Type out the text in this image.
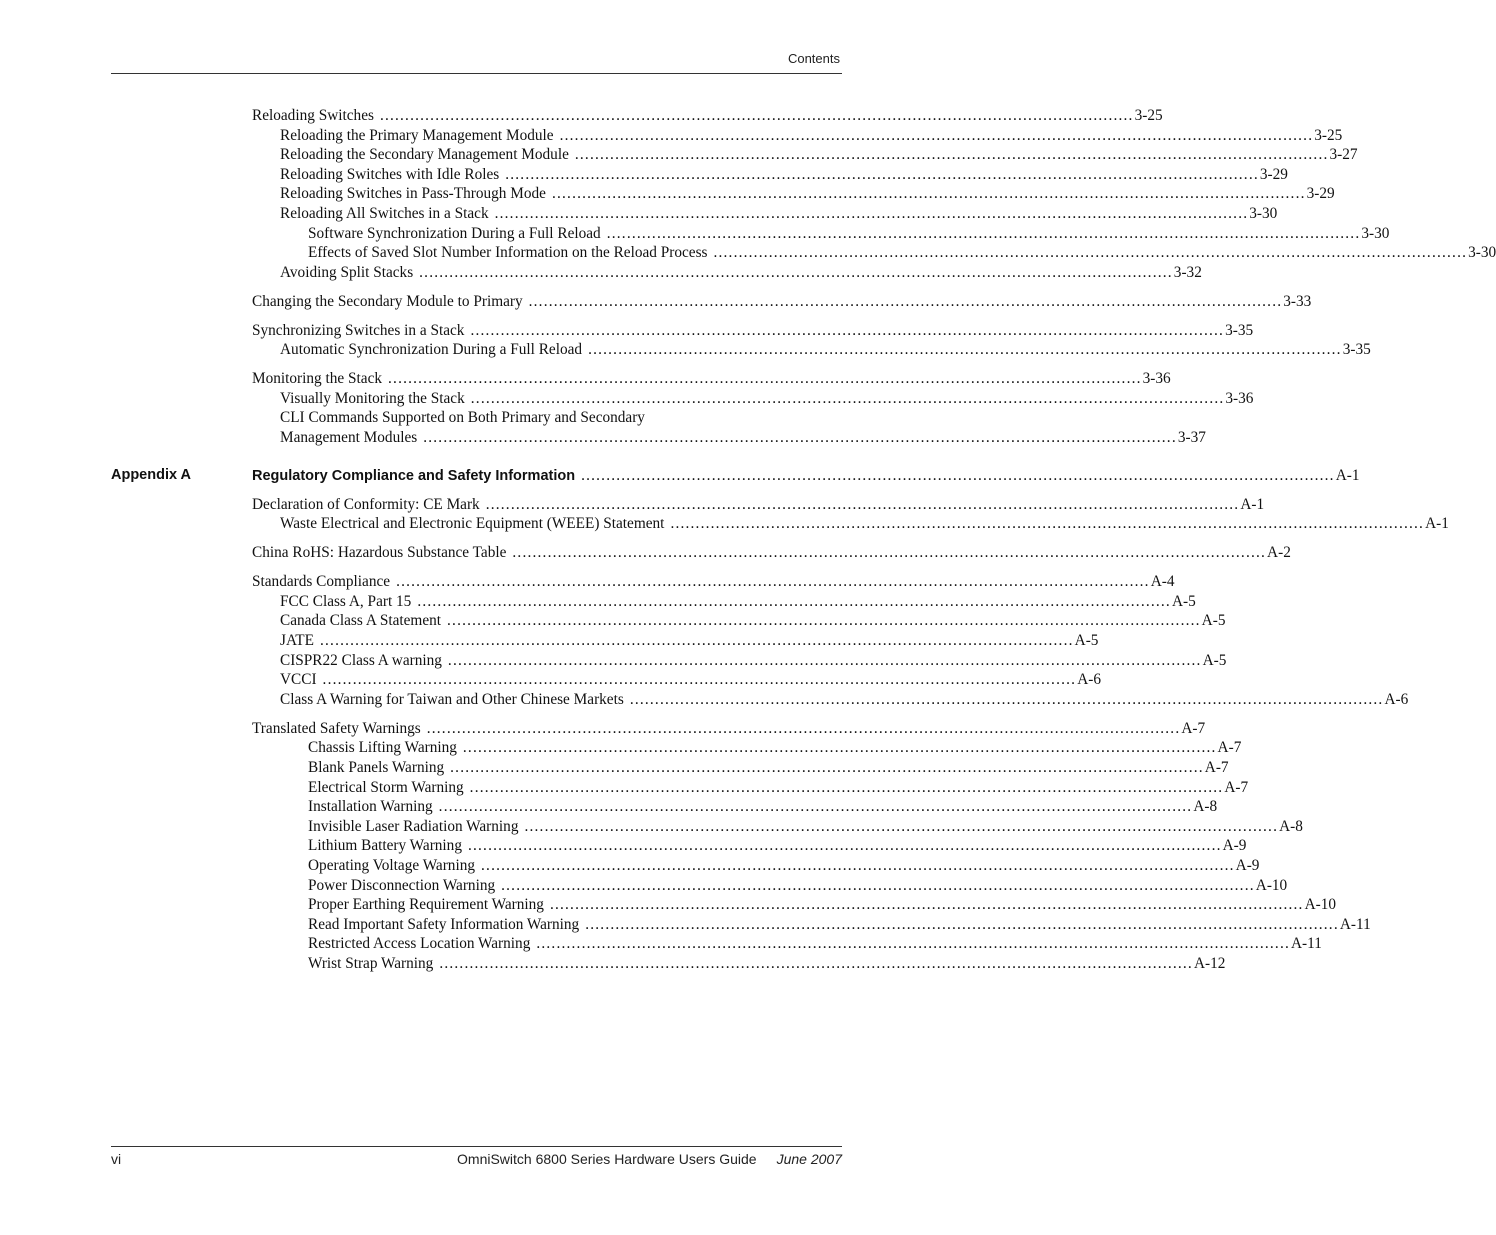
Contents
Reloading Switches ...................................................................................................................................................... 3-25
Reloading the Primary Management Module ...................................................................................................................................................... 3-25
Reloading the Secondary Management Module ...................................................................................................................................................... 3-27
Reloading Switches with Idle Roles ...................................................................................................................................................... 3-29
Reloading Switches in Pass-Through Mode ...................................................................................................................................................... 3-29
Reloading All Switches in a Stack ...................................................................................................................................................... 3-30
Software Synchronization During a Full Reload ...................................................................................................................................................... 3-30
Effects of Saved Slot Number Information on the Reload Process ...................................................................................................................................................... 3-30
Avoiding Split Stacks ...................................................................................................................................................... 3-32
Changing the Secondary Module to Primary ...................................................................................................................................................... 3-33
Synchronizing Switches in a Stack ...................................................................................................................................................... 3-35
Automatic Synchronization During a Full Reload ...................................................................................................................................................... 3-35
Monitoring the Stack ...................................................................................................................................................... 3-36
Visually Monitoring the Stack ...................................................................................................................................................... 3-36
CLI Commands Supported on Both Primary and Secondary
Management Modules ...................................................................................................................................................... 3-37
Appendix A	Regulatory Compliance and Safety Information ...................................................................................................................................................... A-1
Declaration of Conformity: CE Mark ...................................................................................................................................................... A-1
Waste Electrical and Electronic Equipment (WEEE) Statement ...................................................................................................................................................... A-1
China RoHS: Hazardous Substance Table ...................................................................................................................................................... A-2
Standards Compliance ...................................................................................................................................................... A-4
FCC Class A, Part 15 ...................................................................................................................................................... A-5
Canada Class A Statement ...................................................................................................................................................... A-5
JATE ...................................................................................................................................................... A-5
CISPR22 Class A warning ...................................................................................................................................................... A-5
VCCI ...................................................................................................................................................... A-6
Class A Warning for Taiwan and Other Chinese Markets ...................................................................................................................................................... A-6
Translated Safety Warnings ...................................................................................................................................................... A-7
Chassis Lifting Warning ...................................................................................................................................................... A-7
Blank Panels Warning ...................................................................................................................................................... A-7
Electrical Storm Warning ...................................................................................................................................................... A-7
Installation Warning ...................................................................................................................................................... A-8
Invisible Laser Radiation Warning ...................................................................................................................................................... A-8
Lithium Battery Warning ...................................................................................................................................................... A-9
Operating Voltage Warning ...................................................................................................................................................... A-9
Power Disconnection Warning ...................................................................................................................................................... A-10
Proper Earthing Requirement Warning ...................................................................................................................................................... A-10
Read Important Safety Information Warning ...................................................................................................................................................... A-11
Restricted Access Location Warning ...................................................................................................................................................... A-11
Wrist Strap Warning ...................................................................................................................................................... A-12
vi	OmniSwitch 6800 Series Hardware Users Guide June 2007
